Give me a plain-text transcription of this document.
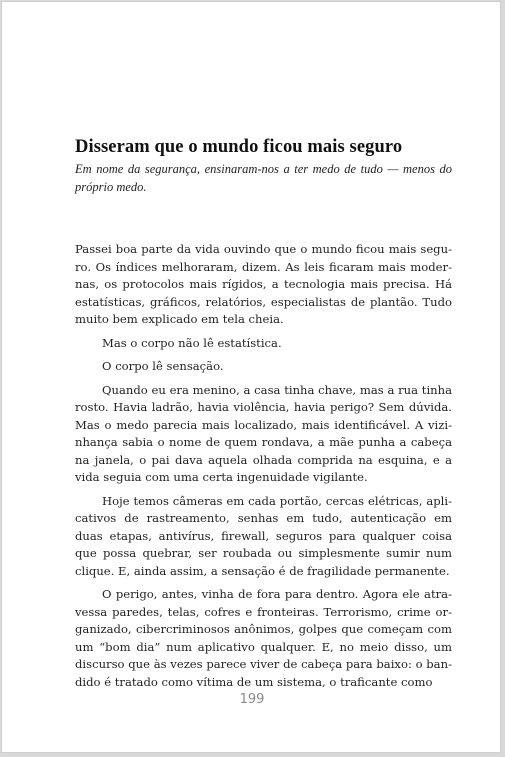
Disseram que o mundo ficou mais seguro

Em nome da segurança, ensinaram-nos a ter medo de tudo — menos do próprio medo.

Passei boa parte da vida ouvindo que o mundo ficou mais seguro. Os índices melhoraram, dizem. As leis ficaram mais modernas, os protocolos mais rígidos, a tecnologia mais precisa. Há estatísticas, gráficos, relatórios, especialistas de plantão. Tudo muito bem explicado em tela cheia.

Mas o corpo não lê estatística.

O corpo lê sensação.

Quando eu era menino, a casa tinha chave, mas a rua tinha rosto. Havia ladrão, havia violência, havia perigo? Sem dúvida. Mas o medo parecia mais localizado, mais identificável. A vizinhança sabia o nome de quem rondava, a mãe punha a cabeça na janela, o pai dava aquela olhada comprida na esquina, e a vida seguia com uma certa ingenuidade vigilante.

Hoje temos câmeras em cada portão, cercas elétricas, aplicativos de rastreamento, senhas em tudo, autenticação em duas etapas, antivírus, firewall, seguros para qualquer coisa que possa quebrar, ser roubada ou simplesmente sumir num clique. E, ainda assim, a sensação é de fragilidade permanente.

O perigo, antes, vinha de fora para dentro. Agora ele atravessa paredes, telas, cofres e fronteiras. Terrorismo, crime organizado, cibercriminosos anônimos, golpes que começam com um “bom dia” num aplicativo qualquer. E, no meio disso, um discurso que às vezes parece viver de cabeça para baixo: o bandido é tratado como vítima de um sistema, o traficante como

199
